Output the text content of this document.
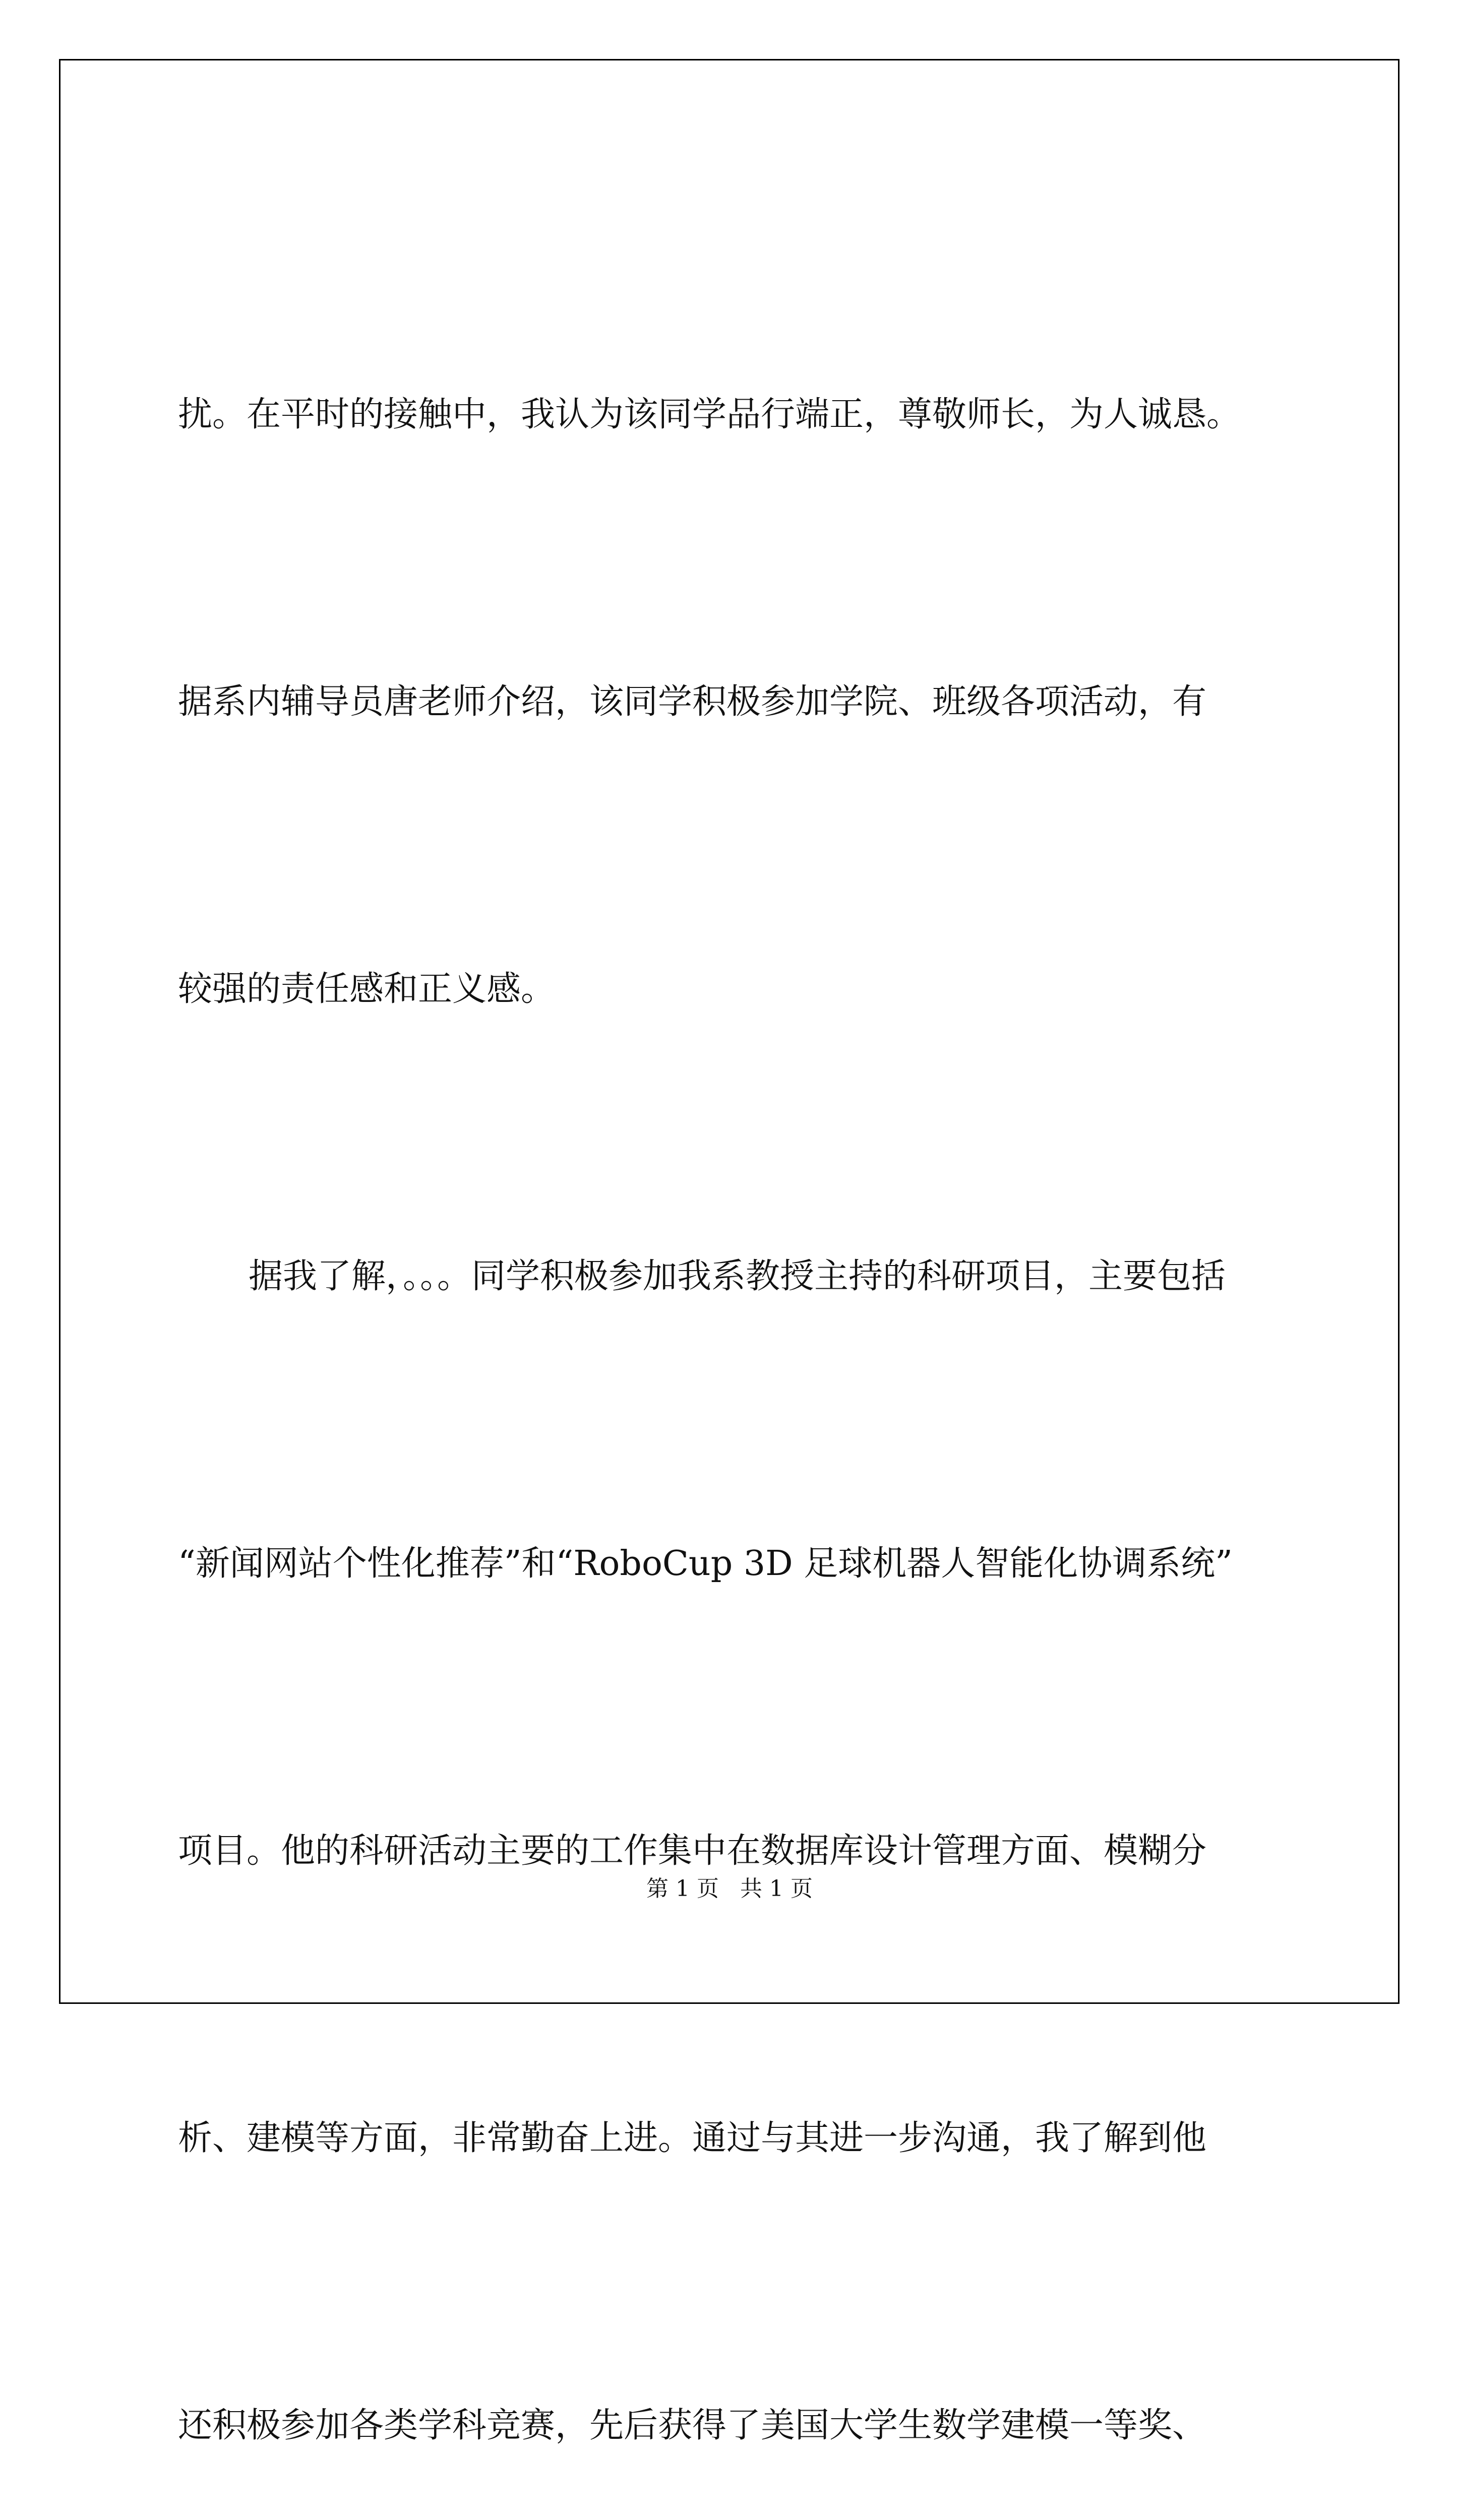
扰。在平时的接触中，我认为该同学品行端正，尊敬师长，为人诚恳。

据系内辅导员唐老师介绍，该同学积极参加学院、班级各项活动，有

较强的责任感和正义感。

据我了解，。。。同学积极参加我系教授主持的科研项目，主要包括

“新闻网站个性化推荐”和“RoboCup 3D 足球机器人智能化协调系统”

项目。他的科研活动主要的工作集中在数据库设计管理方面、模糊分

析、建模等方面，非常勤奋上进。通过与其进一步沟通，我了解到他

还积极参加各类学科竞赛，先后获得了美国大学生数学建模一等奖、

第 1 页   共 1 页
